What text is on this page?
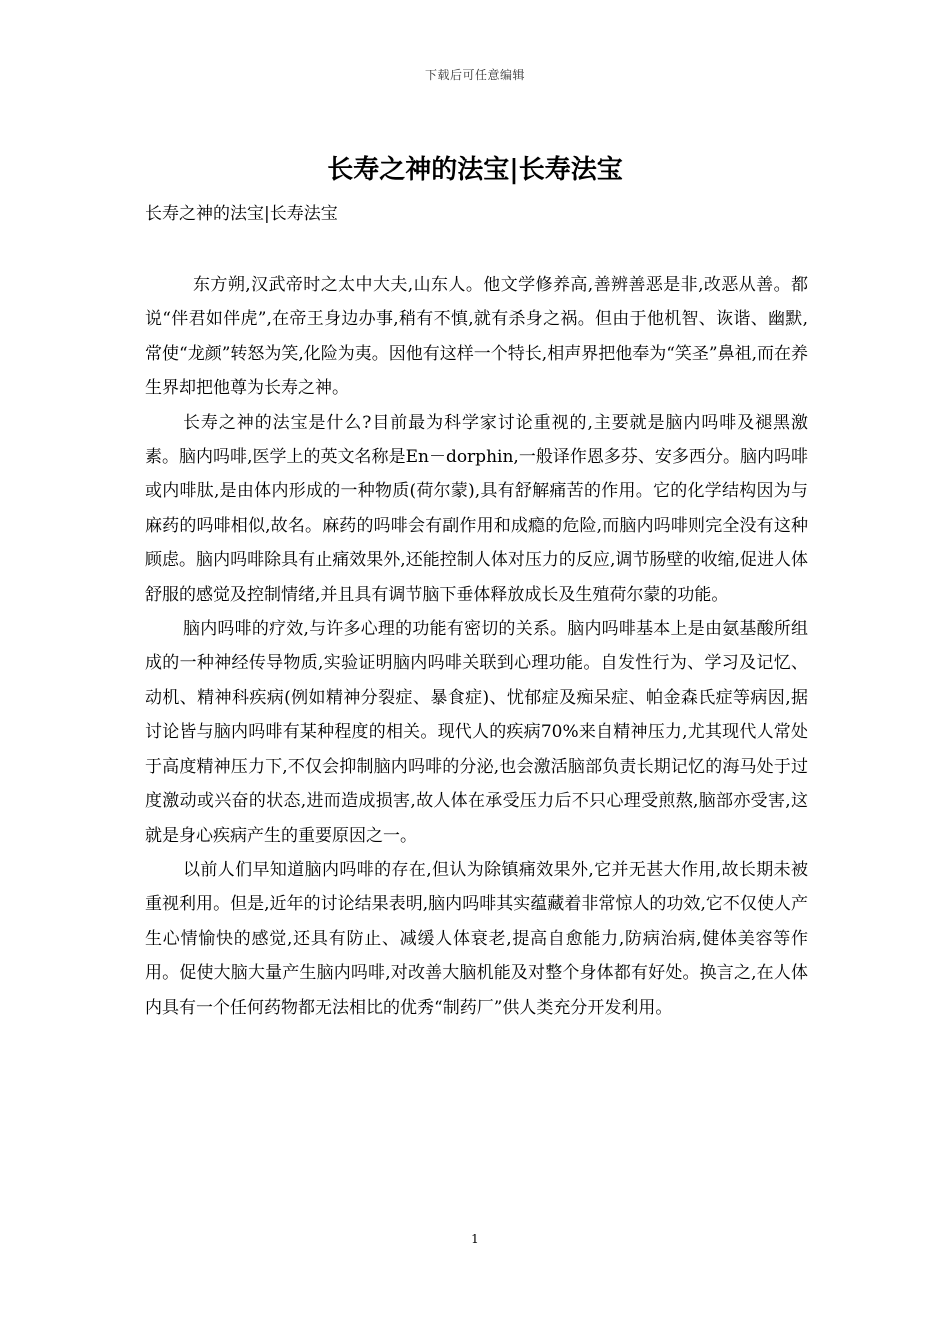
下载后可任意编辑
长寿之神的法宝|长寿法宝
长寿之神的法宝|长寿法宝

东方朔,汉武帝时之太中大夫,山东人。他文学修养高,善辨善恶是非,改恶从善。都说“伴君如伴虎”,在帝王身边办事,稍有不慎,就有杀身之祸。但由于他机智、诙谐、幽默,常使“龙颜”转怒为笑,化险为夷。因他有这样一个特长,相声界把他奉为“笑圣”鼻祖,而在养生界却把他尊为长寿之神。

长寿之神的法宝是什么?目前最为科学家讨论重视的,主要就是脑内吗啡及褪黑激素。脑内吗啡,医学上的英文名称是En－dorphin,一般译作恩多芬、安多西分。脑内吗啡或内啡肽,是由体内形成的一种物质(荷尔蒙),具有舒解痛苦的作用。它的化学结构因为与麻药的吗啡相似,故名。麻药的吗啡会有副作用和成瘾的危险,而脑内吗啡则完全没有这种顾虑。脑内吗啡除具有止痛效果外,还能控制人体对压力的反应,调节肠壁的收缩,促进人体舒服的感觉及控制情绪,并且具有调节脑下垂体释放成长及生殖荷尔蒙的功能。

脑内吗啡的疗效,与许多心理的功能有密切的关系。脑内吗啡基本上是由氨基酸所组成的一种神经传导物质,实验证明脑内吗啡关联到心理功能。自发性行为、学习及记忆、动机、精神科疾病(例如精神分裂症、暴食症)、忧郁症及痴呆症、帕金森氏症等病因,据讨论皆与脑内吗啡有某种程度的相关。现代人的疾病70%来自精神压力,尤其现代人常处于高度精神压力下,不仅会抑制脑内吗啡的分泌,也会激活脑部负责长期记忆的海马处于过度激动或兴奋的状态,进而造成损害,故人体在承受压力后不只心理受煎熬,脑部亦受害,这就是身心疾病产生的重要原因之一。

以前人们早知道脑内吗啡的存在,但认为除镇痛效果外,它并无甚大作用,故长期未被重视利用。但是,近年的讨论结果表明,脑内吗啡其实蕴藏着非常惊人的功效,它不仅使人产生心情愉快的感觉,还具有防止、减缓人体衰老,提高自愈能力,防病治病,健体美容等作用。促使大脑大量产生脑内吗啡,对改善大脑机能及对整个身体都有好处。换言之,在人体内具有一个任何药物都无法相比的优秀“制药厂”供人类充分开发利用。

1
